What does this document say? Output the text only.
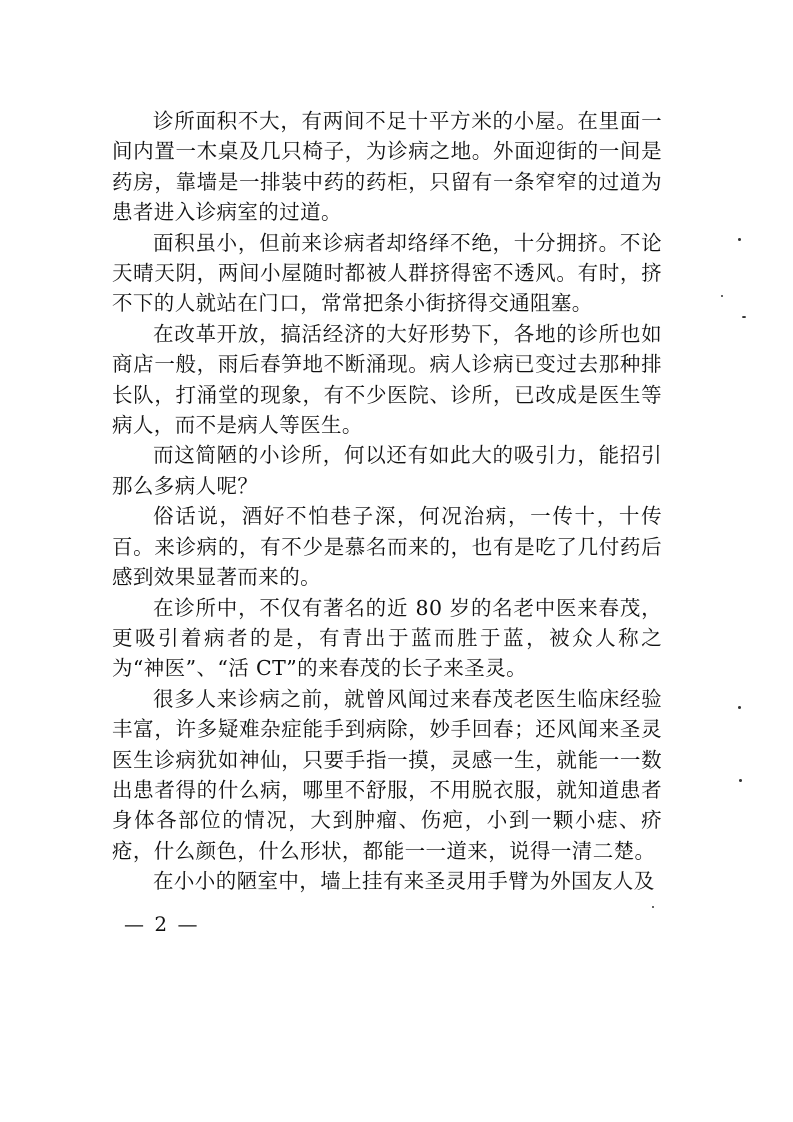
诊所面积不大，有两间不足十平方米的小屋。在里面一间内置一木桌及几只椅子，为诊病之地。外面迎街的一间是药房，靠墙是一排装中药的药柜，只留有一条窄窄的过道为患者进入诊病室的过道。

面积虽小，但前来诊病者却络绎不绝，十分拥挤。不论天晴天阴，两间小屋随时都被人群挤得密不透风。有时，挤不下的人就站在门口，常常把条小街挤得交通阻塞。

在改革开放，搞活经济的大好形势下，各地的诊所也如商店一般，雨后春笋地不断涌现。病人诊病已变过去那种排长队，打涌堂的现象，有不少医院、诊所，已改成是医生等病人，而不是病人等医生。

而这简陋的小诊所，何以还有如此大的吸引力，能招引那么多病人呢？

俗话说，酒好不怕巷子深，何况治病，一传十，十传百。来诊病的，有不少是慕名而来的，也有是吃了几付药后感到效果显著而来的。

在诊所中，不仅有著名的近 80 岁的名老中医来春茂，更吸引着病者的是，有青出于蓝而胜于蓝，被众人称之为“神医”、“活 CT”的来春茂的长子来圣灵。

很多人来诊病之前，就曾风闻过来春茂老医生临床经验丰富，许多疑难杂症能手到病除，妙手回春；还风闻来圣灵医生诊病犹如神仙，只要手指一摸，灵感一生，就能一一数出患者得的什么病，哪里不舒服，不用脱衣服，就知道患者身体各部位的情况，大到肿瘤、伤疤，小到一颗小痣、疥疮，什么颜色，什么形状，都能一一道来，说得一清二楚。

在小小的陋室中，墙上挂有来圣灵用手臂为外国友人及

— 2 —
